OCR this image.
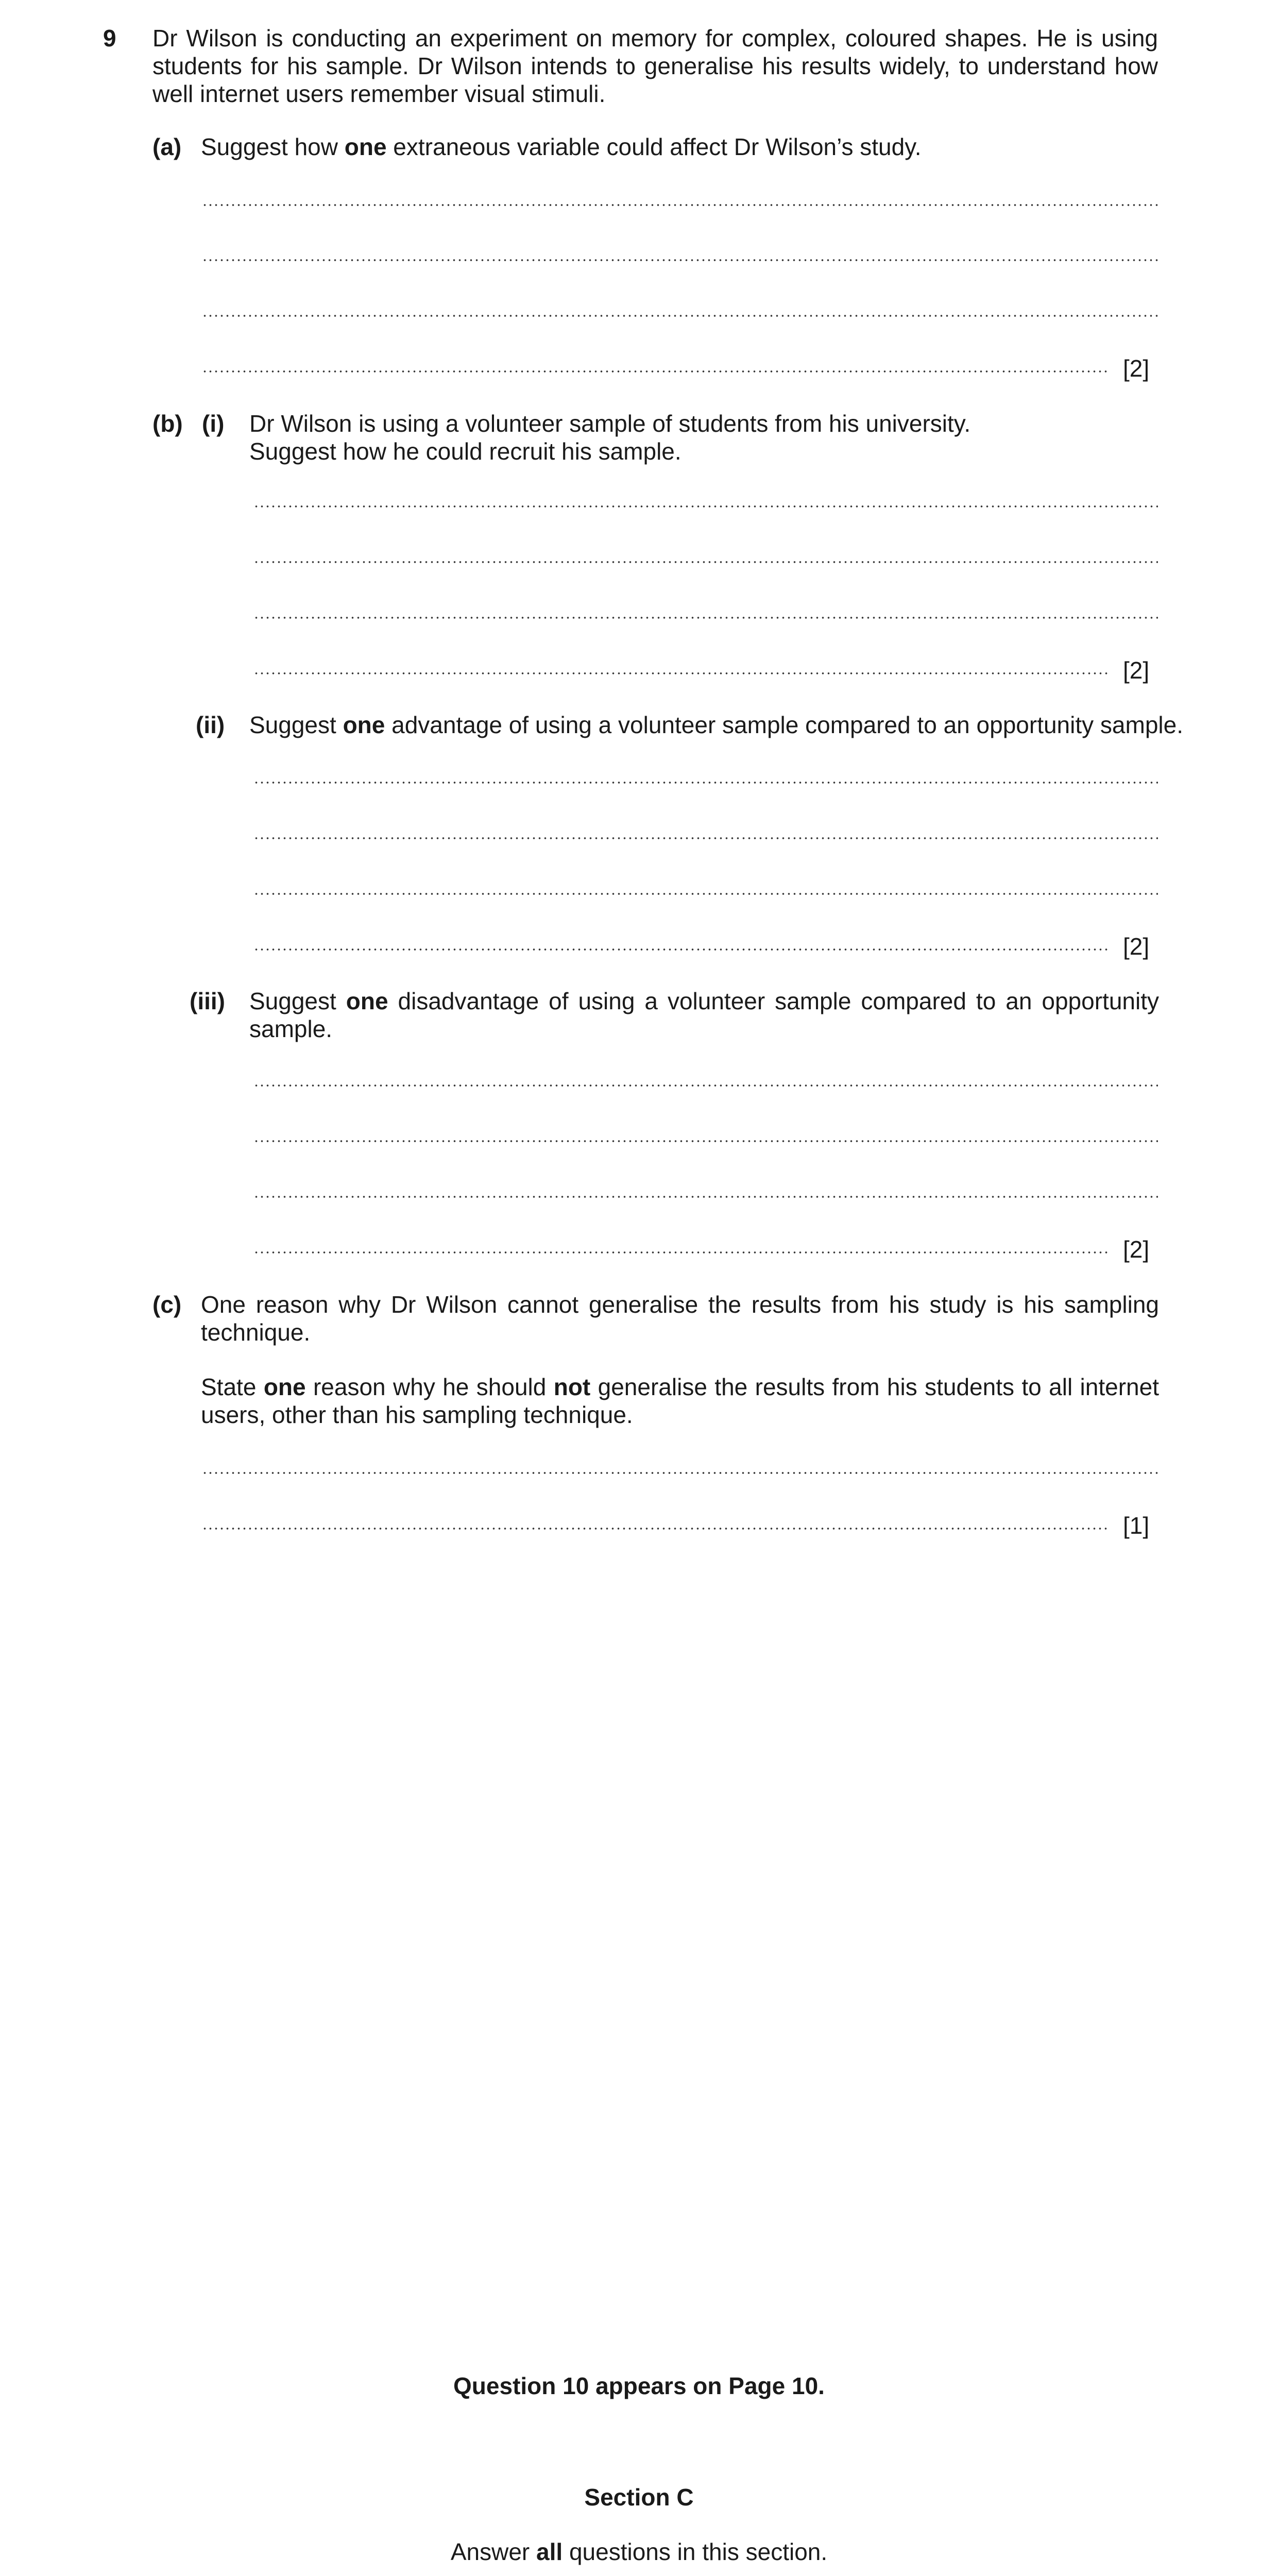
9 Dr Wilson is conducting an experiment on memory for complex, coloured shapes. He is using students for his sample. Dr Wilson intends to generalise his results widely, to understand how well internet users remember visual stimuli.
(a) Suggest how one extraneous variable could affect Dr Wilson’s study.
[2]
(b) (i) Dr Wilson is using a volunteer sample of students from his university.
Suggest how he could recruit his sample.
[2]
(ii) Suggest one advantage of using a volunteer sample compared to an opportunity sample.
[2]
(iii) Suggest one disadvantage of using a volunteer sample compared to an opportunity sample.
[2]
(c) One reason why Dr Wilson cannot generalise the results from his study is his sampling technique.
State one reason why he should not generalise the results from his students to all internet users, other than his sampling technique.
[1]
Question 10 appears on Page 10.
Section C
Answer all questions in this section.
